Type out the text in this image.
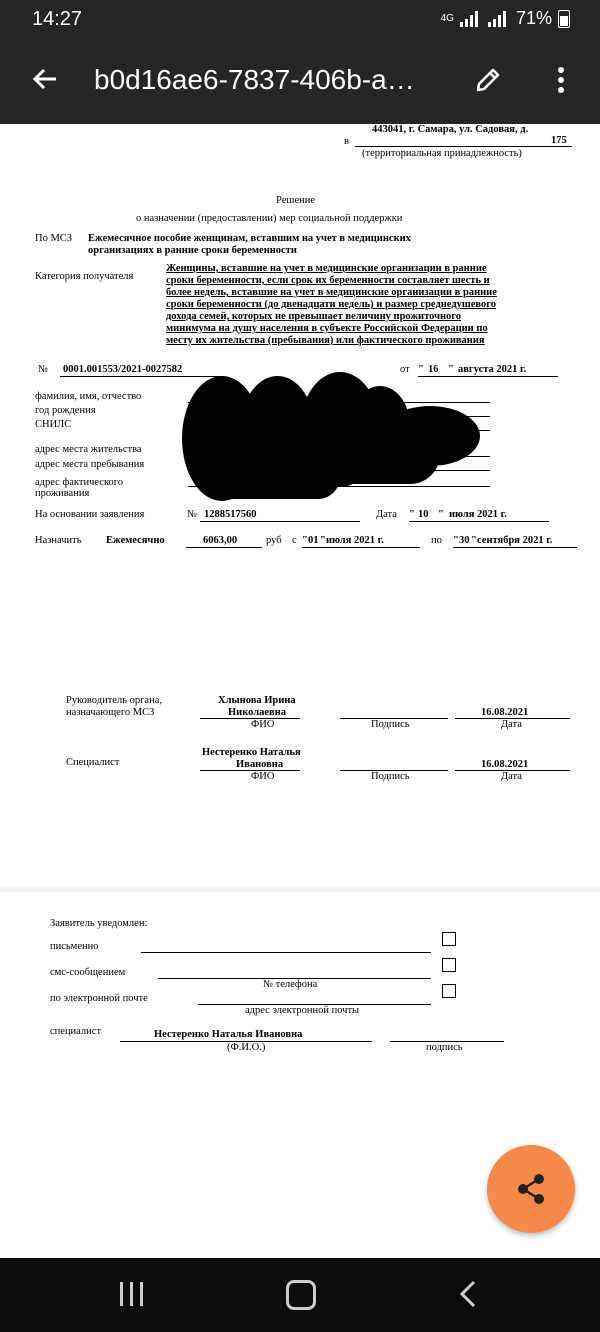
14:27	4G	71%
b0d16ae6-7837-406b-a…
443041, г. Самара, ул. Садовая, д.
в	175
(территориальная принадлежность)
Решение
о назначении (предоставлении) мер социальной поддержки
По МСЗ Ежемесячное пособие женщинам, вставшим на учет в медицинских
организациях в ранние сроки беременности
Категория получателя
Женщины, вставшие на учет в медицинские организации в ранние
сроки беременности, если срок их беременности составляет шесть и
более недель, вставшие на учет в медицинские организации в ранние
сроки беременности (до двенадцати недель) и размер среднедушевого
дохода семей, которых не превышает величину прожиточного
минимума на душу населения в субъекте Российской Федерации по
месту их жительства (пребывания) или фактического проживания
№ 0001.001553/2021-0027582	от " 16 " августа 2021 г.
фамилия, имя, отчество
год рождения
СНИЛС
адрес места жительства
адрес места пребывания
адрес фактического
проживания
На основании заявления	№ 1288517560	Дата " 10 " июля 2021 г.
Назначить Ежемесячно	6063,00	руб с " 01 " июля 2021 г.	по " 30 " сентября 2021 г.
Руководитель органа,
назначающего МСЗ
Хлынова Ирина
Николаевна	16.08.2021
ФИО	Подпись	Дата
Специалист
Нестеренко Наталья
Ивановна	16.08.2021
ФИО	Подпись	Дата
Заявитель уведомлен:
письменно
смс-сообщением
№ телефона
по электронной почте
адрес электронной почты
специалист	Нестеренко Наталья Ивановна
(Ф.И.О.)	подпись
